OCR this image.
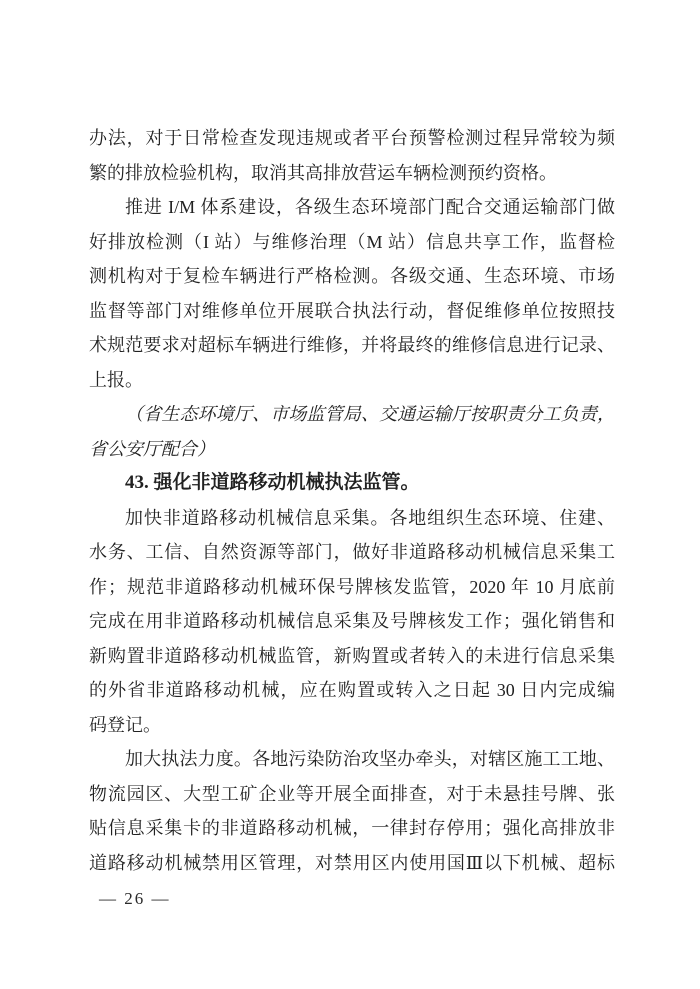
办法，对于日常检查发现违规或者平台预警检测过程异常较为频
繁的排放检验机构，取消其高排放营运车辆检测预约资格。
推进 I/M 体系建设，各级生态环境部门配合交通运输部门做
好排放检测（I 站）与维修治理（M 站）信息共享工作，监督检
测机构对于复检车辆进行严格检测。各级交通、生态环境、市场
监督等部门对维修单位开展联合执法行动，督促维修单位按照技
术规范要求对超标车辆进行维修，并将最终的维修信息进行记录、
上报。
（省生态环境厅、市场监管局、交通运输厅按职责分工负责，
省公安厅配合）
43. 强化非道路移动机械执法监管。
加快非道路移动机械信息采集。各地组织生态环境、住建、
水务、工信、自然资源等部门，做好非道路移动机械信息采集工
作；规范非道路移动机械环保号牌核发监管，2020 年 10 月底前
完成在用非道路移动机械信息采集及号牌核发工作；强化销售和
新购置非道路移动机械监管，新购置或者转入的未进行信息采集
的外省非道路移动机械，应在购置或转入之日起 30 日内完成编
码登记。
加大执法力度。各地污染防治攻坚办牵头，对辖区施工工地、
物流园区、大型工矿企业等开展全面排查，对于未悬挂号牌、张
贴信息采集卡的非道路移动机械，一律封存停用；强化高排放非
道路移动机械禁用区管理，对禁用区内使用国Ⅲ以下机械、超标
— 26 —
